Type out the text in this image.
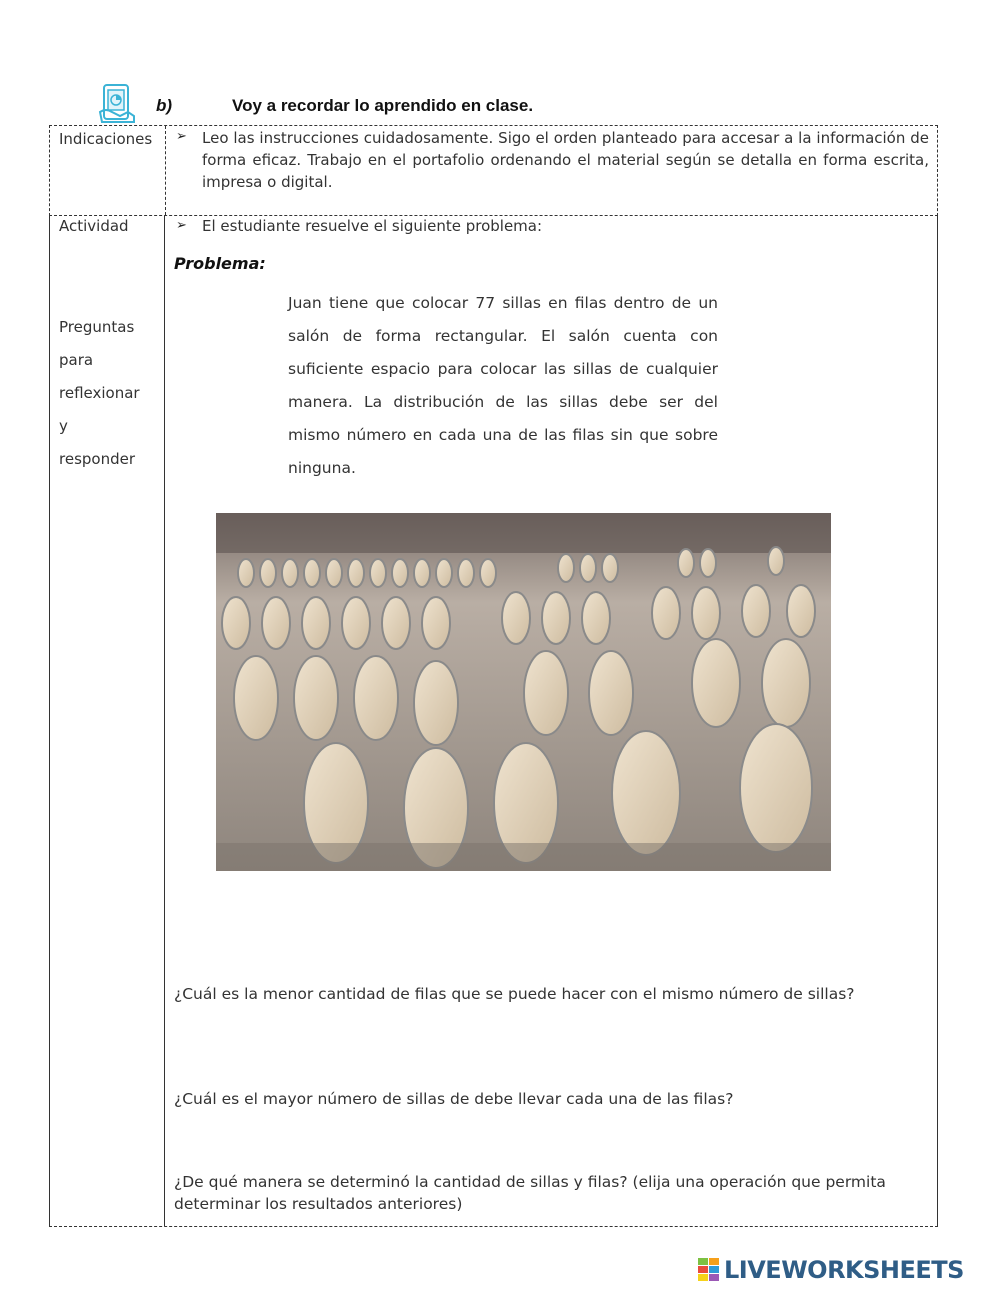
b)	Voy a recordar lo aprendido en clase.
Indicaciones	➢ Leo las instrucciones cuidadosamente. Sigo el orden planteado para accesar a la información de forma eficaz. Trabajo en el portafolio ordenando el material según se detalla en forma escrita, impresa o digital.
Actividad
Preguntas
para
reflexionar
y
responder
➢ El estudiante resuelve el siguiente problema:
Problema:
Juan tiene que colocar 77 sillas en filas dentro de un salón de forma rectangular. El salón cuenta con suficiente espacio para colocar las sillas de cualquier manera. La distribución de las sillas debe ser del mismo número en cada una de las filas sin que sobre ninguna.
¿Cuál es la menor cantidad de filas que se puede hacer con el mismo número de sillas?
¿Cuál es el mayor número de sillas de debe llevar cada una de las filas?
¿De qué manera se determinó la cantidad de sillas y filas? (elija una operación que permita determinar los resultados anteriores)
LIVEWORKSHEETS
